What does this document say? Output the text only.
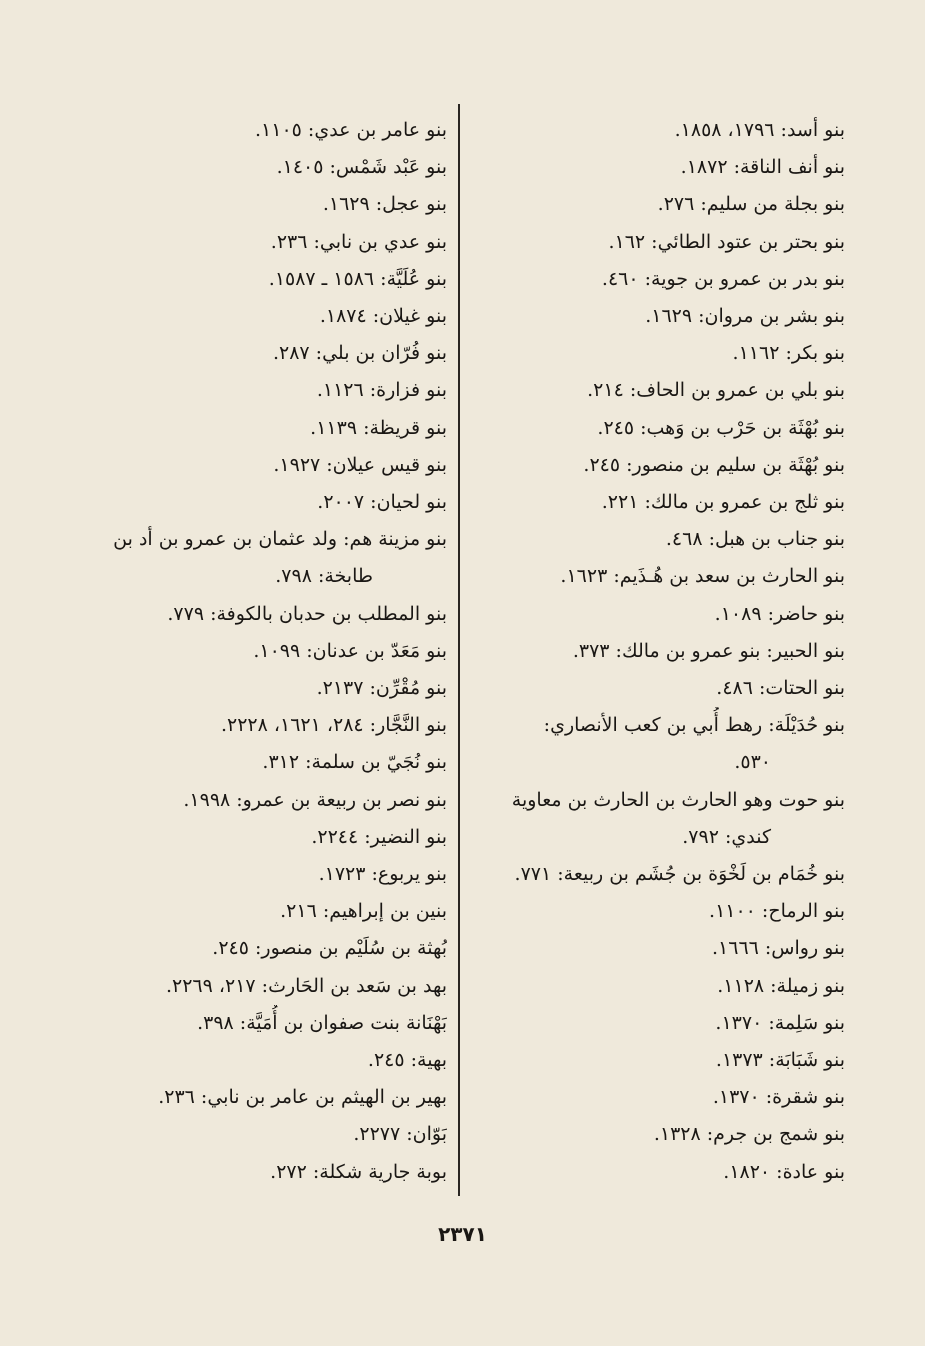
بنو أسد: ١٧٩٦، ١٨٥٨.
بنو أنف الناقة: ١٨٧٢.
بنو بجلة من سليم: ٢٧٦.
بنو بحتر بن عتود الطائي: ١٦٢.
بنو بدر بن عمرو بن جوية: ٤٦٠.
بنو بشر بن مروان: ١٦٢٩.
بنو بكر: ١١٦٢.
بنو بلي بن عمرو بن الحاف: ٢١٤.
بنو بُهْثَة بن حَرْب بن وَهب: ٢٤٥.
بنو بُهْثَة بن سليم بن منصور: ٢٤٥.
بنو ثلج بن عمرو بن مالك: ٢٢١.
بنو جناب بن هبل: ٤٦٨.
بنو الحارث بن سعد بن هُـذَيم: ١٦٢٣.
بنو حاضر: ١٠٨٩.
بنو الحبير: بنو عمرو بن مالك: ٣٧٣.
بنو الحتات: ٤٨٦.
بنو حُدَيْلَة: رهط أُبي بن كعب الأنصاري:
٥٣٠.
بنو حوت وهو الحارث بن الحارث بن معاوية
كندي: ٧٩٢.
بنو خُمَام بن لَخْوَة بن جُشَم بن ربيعة: ٧٧١.
بنو الرماح: ١١٠٠.
بنو رواس: ١٦٦٦.
بنو زميلة: ١١٢٨.
بنو سَلِمة: ١٣٧٠.
بنو شَبَابَة: ١٣٧٣.
بنو شقرة: ١٣٧٠.
بنو شمج بن جرم: ١٣٢٨.
بنو عادة: ١٨٢٠.
بنو عامر بن عدي: ١١٠٥.
بنو عَبْد شَمْس: ١٤٠٥.
بنو عجل: ١٦٢٩.
بنو عدي بن نابي: ٢٣٦.
بنو عُلَيَّة: ١٥٨٦ ـ ١٥٨٧.
بنو غيلان: ١٨٧٤.
بنو فُرّان بن بلي: ٢٨٧.
بنو فزارة: ١١٢٦.
بنو قريظة: ١١٣٩.
بنو قيس عيلان: ١٩٢٧.
بنو لحيان: ٢٠٠٧.
بنو مزينة هم: ولد عثمان بن عمرو بن أد بن
طابخة: ٧٩٨.
بنو المطلب بن حدبان بالكوفة: ٧٧٩.
بنو مَعَدّ بن عدنان: ١٠٩٩.
بنو مُقْرِّن: ٢١٣٧.
بنو النَّجَّار: ٢٨٤، ١٦٢١، ٢٢٢٨.
بنو نُجَيّ بن سلمة: ٣١٢.
بنو نصر بن ربيعة بن عمرو: ١٩٩٨.
بنو النضير: ٢٢٤٤.
بنو يربوع: ١٧٢٣.
بنين بن إبراهيم: ٢١٦.
بُهثة بن سُلَيْم بن منصور: ٢٤٥.
بهد بن سَعد بن الحَارث: ٢١٧، ٢٢٦٩.
بَهْنَانة بنت صفوان بن أُمَيَّة: ٣٩٨.
بهية: ٢٤٥.
بهير بن الهيثم بن عامر بن نابي: ٢٣٦.
بَوّان: ٢٢٧٧.
بوبة جارية شكلة: ٢٧٢.
٢٣٧١
